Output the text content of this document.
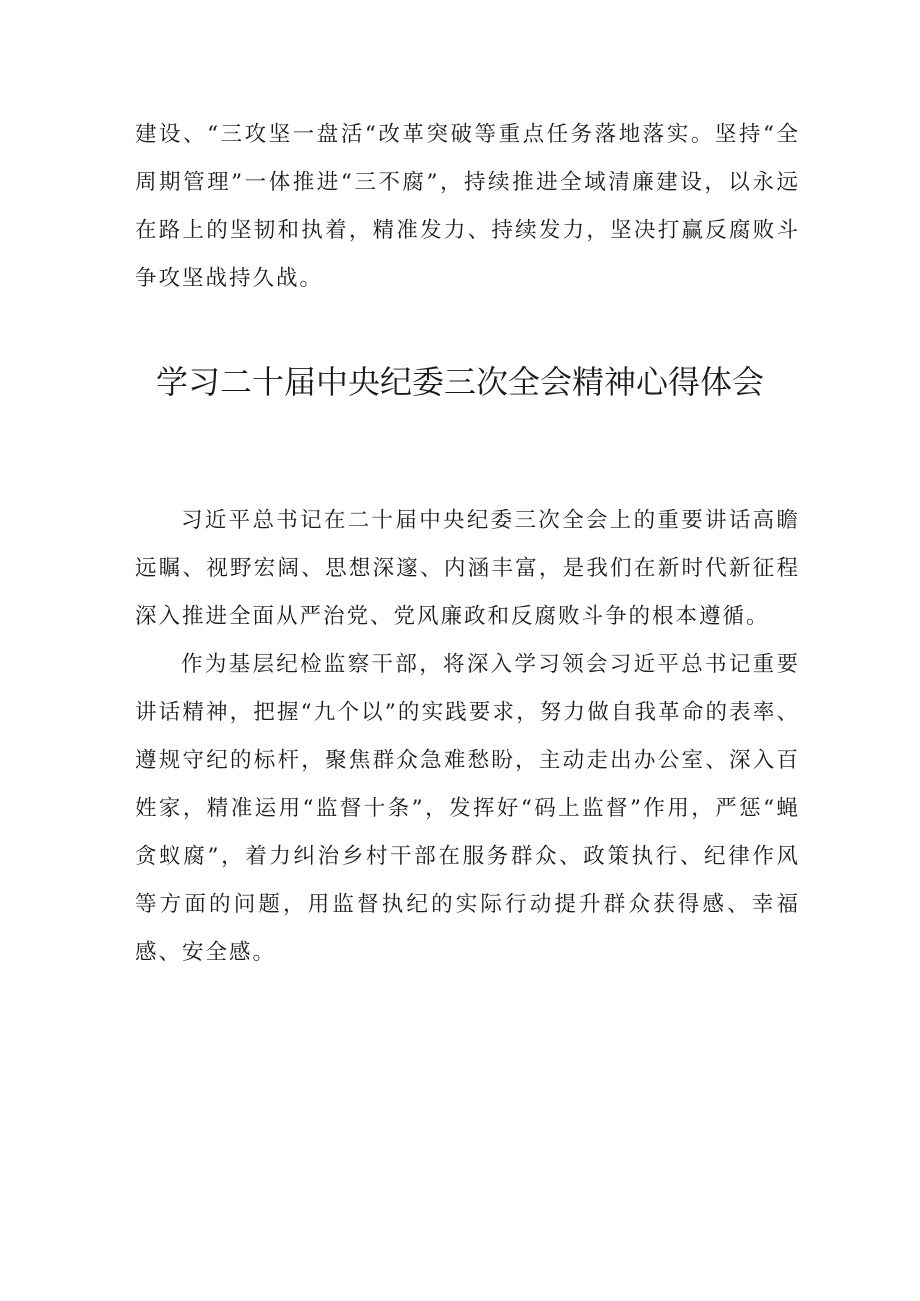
建设、“三攻坚一盘活“改革突破等重点任务落地落实。坚持“全周期管理”一体推进“三不腐”，持续推进全域清廉建设，以永远在路上的坚韧和执着，精准发力、持续发力，坚决打赢反腐败斗争攻坚战持久战。

学习二十届中央纪委三次全会精神心得体会

习近平总书记在二十届中央纪委三次全会上的重要讲话高瞻远瞩、视野宏阔、思想深邃、内涵丰富，是我们在新时代新征程深入推进全面从严治党、党风廉政和反腐败斗争的根本遵循。

作为基层纪检监察干部，将深入学习领会习近平总书记重要讲话精神，把握“九个以”的实践要求，努力做自我革命的表率、遵规守纪的标杆，聚焦群众急难愁盼，主动走出办公室、深入百姓家，精准运用“监督十条”，发挥好“码上监督”作用，严惩“蝇贪蚁腐”，着力纠治乡村干部在服务群众、政策执行、纪律作风等方面的问题，用监督执纪的实际行动提升群众获得感、幸福感、安全感。
